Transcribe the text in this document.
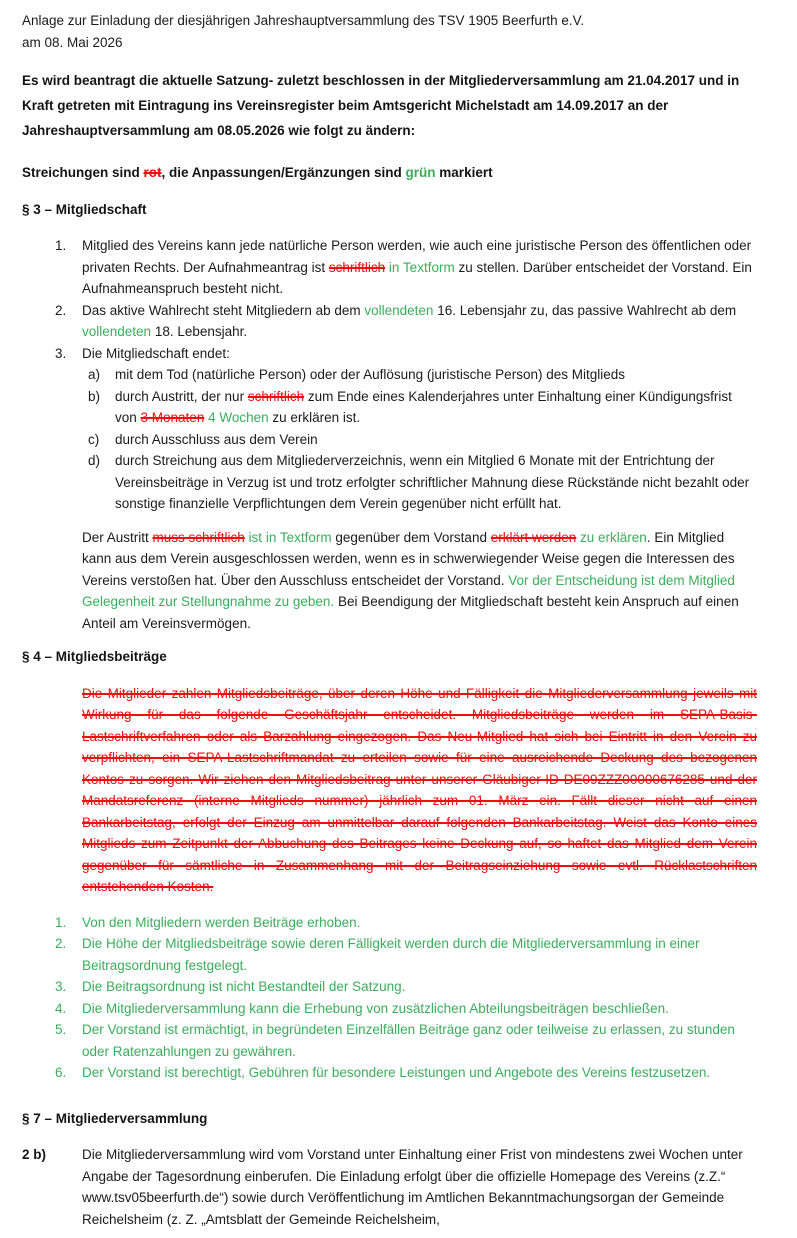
Anlage zur Einladung der diesjährigen Jahreshauptversammlung des TSV 1905 Beerfurth e.V.
am 08. Mai 2026

Es wird beantragt die aktuelle Satzung- zuletzt beschlossen in der Mitgliederversammlung am 21.04.2017 und in Kraft getreten mit Eintragung ins Vereinsregister beim Amtsgericht Michelstadt am 14.09.2017 an der Jahreshauptversammlung am 08.05.2026 wie folgt zu ändern:

Streichungen sind rot, die Anpassungen/Ergänzungen sind grün markiert

§ 3 – Mitgliedschaft

1.	Mitglied des Vereins kann jede natürliche Person werden, wie auch eine juristische Person des öffentlichen oder privaten Rechts. Der Aufnahmeantrag ist schriftlich in Textform zu stellen. Darüber entscheidet der Vorstand. Ein Aufnahmeanspruch besteht nicht.
2.	Das aktive Wahlrecht steht Mitgliedern ab dem vollendeten 16. Lebensjahr zu, das passive Wahlrecht ab dem vollendeten 18. Lebensjahr.
3.	Die Mitgliedschaft endet:
a)	mit dem Tod (natürliche Person) oder der Auflösung (juristische Person) des Mitglieds
b)	durch Austritt, der nur schriftlich zum Ende eines Kalenderjahres unter Einhaltung einer Kündigungsfrist von 3 Monaten 4 Wochen zu erklären ist.
c)	durch Ausschluss aus dem Verein
d)	durch Streichung aus dem Mitgliederverzeichnis, wenn ein Mitglied 6 Monate mit der Entrichtung der Vereinsbeiträge in Verzug ist und trotz erfolgter schriftlicher Mahnung diese Rückstände nicht bezahlt oder sonstige finanzielle Verpflichtungen dem Verein gegenüber nicht erfüllt hat.

Der Austritt muss schriftlich ist in Textform gegenüber dem Vorstand erklärt werden zu erklären. Ein Mitglied kann aus dem Verein ausgeschlossen werden, wenn es in schwerwiegender Weise gegen die Interessen des Vereins verstoßen hat. Über den Ausschluss entscheidet der Vorstand. Vor der Entscheidung ist dem Mitglied Gelegenheit zur Stellungnahme zu geben. Bei Beendigung der Mitgliedschaft besteht kein Anspruch auf einen Anteil am Vereinsvermögen.

§ 4 – Mitgliedsbeiträge

Die Mitglieder zahlen Mitgliedsbeiträge, über deren Höhe und Fälligkeit die Mitgliederversammlung jeweils mit Wirkung für das folgende Geschäftsjahr entscheidet. Mitgliedsbeiträge werden im SEPA-Basis-Lastschriftverfahren oder als Barzahlung eingezogen. Das Neu-Mitglied hat sich bei Eintritt in den Verein zu verpflichten, ein SEPA-Lastschriftmandat zu erteilen sowie für eine ausreichende Deckung des bezogenen Kontos zu sorgen. Wir ziehen den Mitgliedsbeitrag unter unserer Gläubiger-ID DE09ZZZ00000676285 und der Mandatsreferenz (interne Mitglieds nummer) jährlich zum 01. März ein. Fällt dieser nicht auf einen Bankarbeitstag, erfolgt der Einzug am unmittelbar darauf folgenden Bankarbeitstag. Weist das Konto eines Mitglieds zum Zeitpunkt der Abbuchung des Beitrages keine Deckung auf, so haftet das Mitglied dem Verein gegenüber für sämtliche in Zusammenhang mit der Beitragseinziehung sowie evtl. Rücklastschriften entstehenden Kosten.

1.	Von den Mitgliedern werden Beiträge erhoben.
2.	Die Höhe der Mitgliedsbeiträge sowie deren Fälligkeit werden durch die Mitgliederversammlung in einer Beitragsordnung festgelegt.
3.	Die Beitragsordnung ist nicht Bestandteil der Satzung.
4.	Die Mitgliederversammlung kann die Erhebung von zusätzlichen Abteilungsbeiträgen beschließen.
5.	Der Vorstand ist ermächtigt, in begründeten Einzelfällen Beiträge ganz oder teilweise zu erlassen, zu stunden oder Ratenzahlungen zu gewähren.
6.	Der Vorstand ist berechtigt, Gebühren für besondere Leistungen und Angebote des Vereins festzusetzen.

§ 7 – Mitgliederversammlung

2 b)	Die Mitgliederversammlung wird vom Vorstand unter Einhaltung einer Frist von mindestens zwei Wochen unter Angabe der Tagesordnung einberufen. Die Einladung erfolgt über die offizielle Homepage des Vereins (z.Z.“ www.tsv05beerfurth.de“) sowie durch Veröffentlichung im Amtlichen Bekanntmachungsorgan der Gemeinde Reichelsheim (z. Z. „Amtsblatt der Gemeinde Reichelsheim,
